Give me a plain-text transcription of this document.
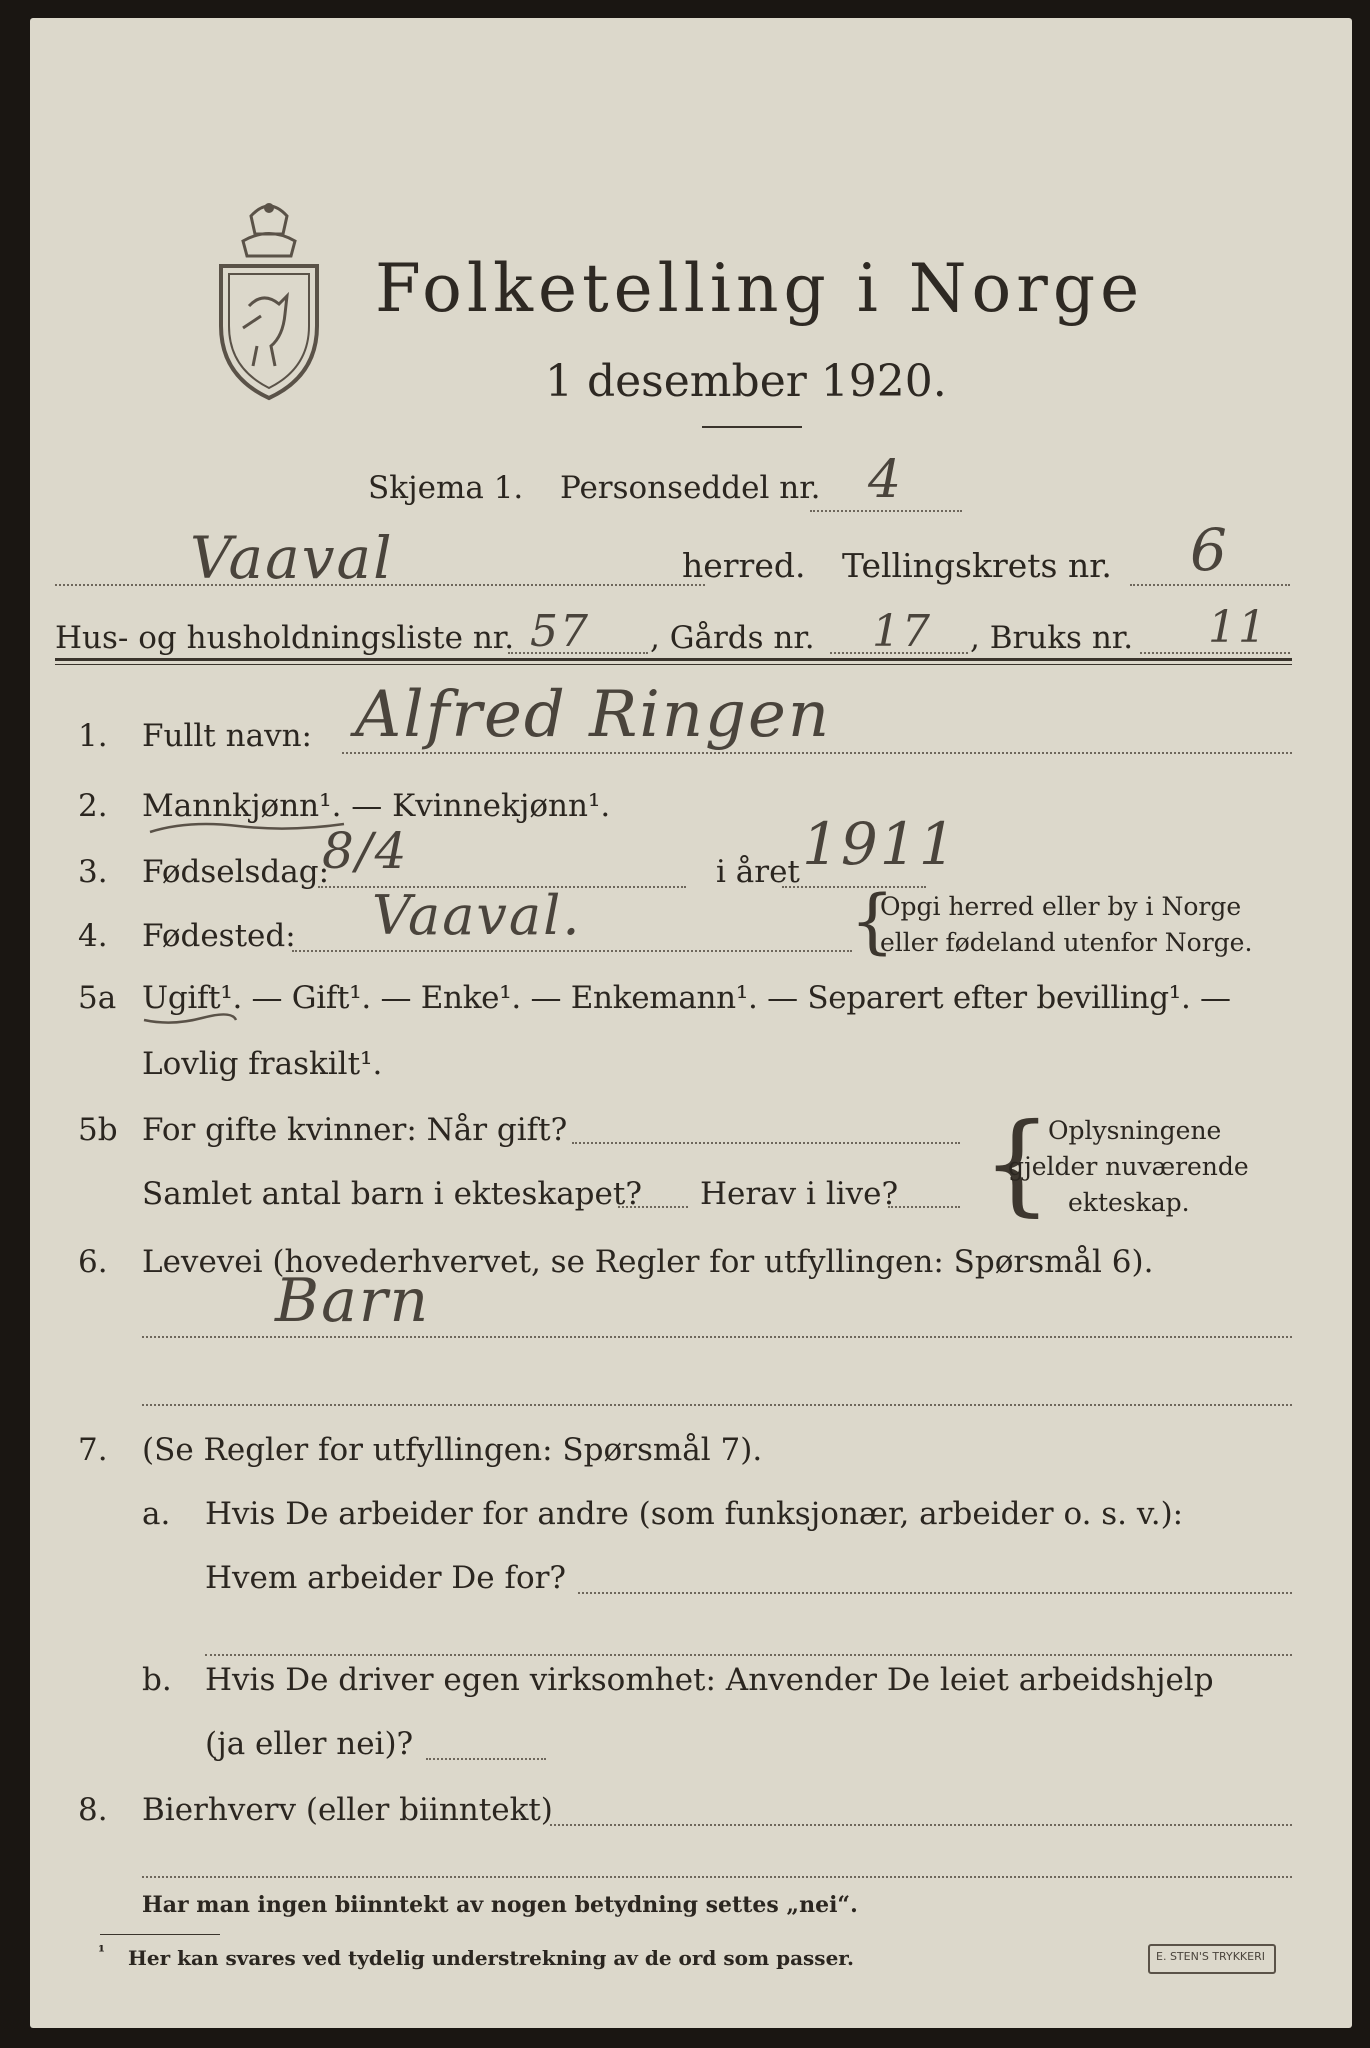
Folketelling i Norge
1 desember 1920.
Skjema 1. Personseddel nr. 4
Vaaval	herred. Tellingskrets nr. 6
Hus- og husholdningsliste nr. 57 , Gårds nr. 17 , Bruks nr. 11
1. Fullt navn: Alfred Ringen
2. Mannkjønn¹. — Kvinnekjønn¹.
3. Fødselsdag:
8/4	i året 1911
4. Fødested: Vaaval.	{
Opgi herred eller by i Norge
eller fødeland utenfor Norge.
5a Ugift¹. — Gift¹. — Enke¹. — Enkemann¹. — Separert efter bevilling¹. —
Lovlig fraskilt¹.
5b For gifte kvinner: Når gift?
Samlet antal barn i ekteskapet? Herav i live? {
Oplysningene
gjelder nuværende
ekteskap.
6. Levevei (hovederhvervet, se Regler for utfyllingen: Spørsmål 6).
Barn
7. (Se Regler for utfyllingen: Spørsmål 7).
a. Hvis De arbeider for andre (som funksjonær, arbeider o. s. v.):
Hvem arbeider De for?
b. Hvis De driver egen virksomhet: Anvender De leiet arbeidshjelp
(ja eller nei)?
8. Bierhverv (eller biinntekt)
Har man ingen biinntekt av nogen betydning settes „nei“.
¹ Her kan svares ved tydelig understrekning av de ord som passer.	E. STEN'S TRYKKERI
